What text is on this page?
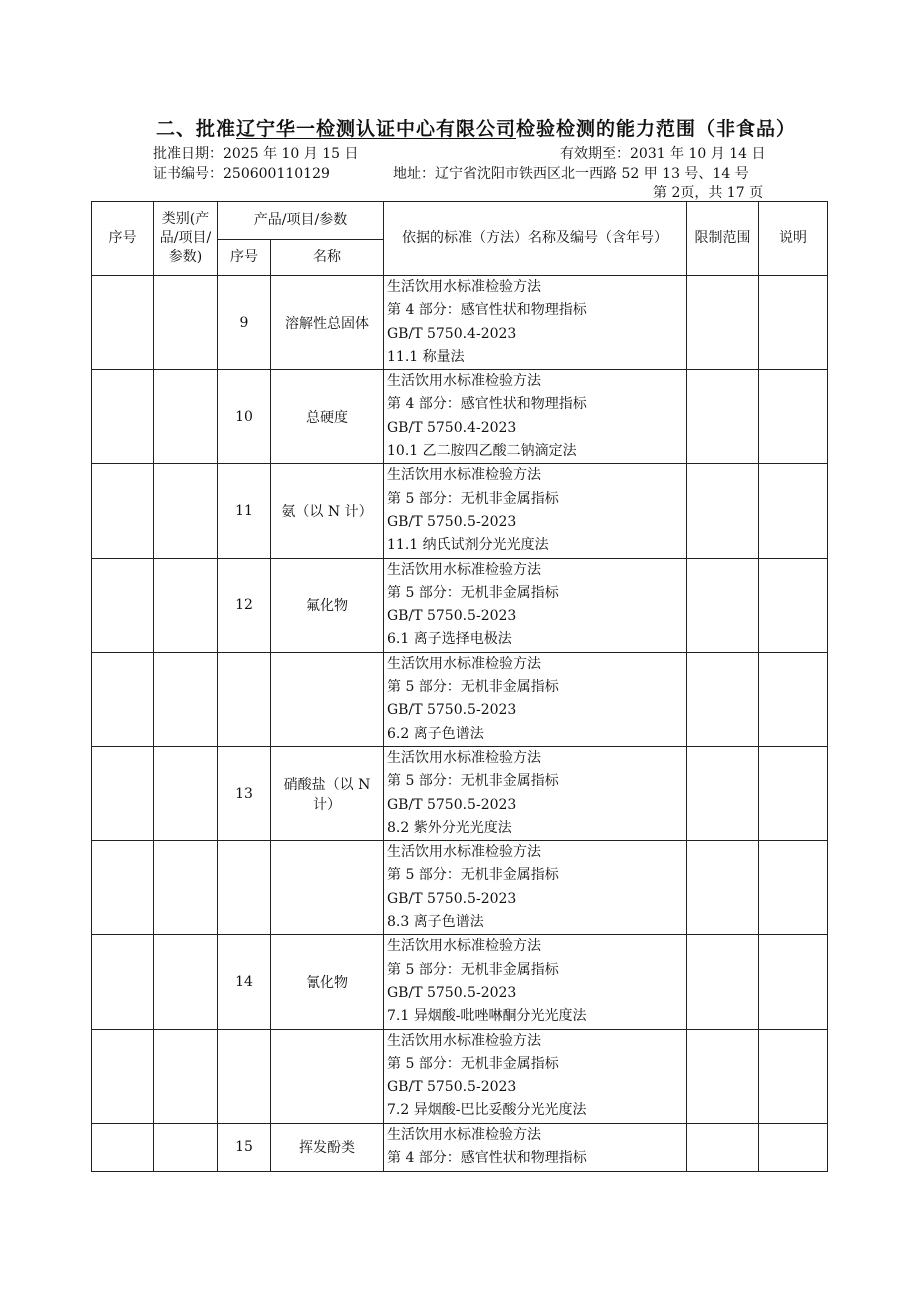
二、批准辽宁华一检测认证中心有限公司检验检测的能力范围（非食品）
批准日期：2025 年 10 月 15 日	有效期至：2031 年 10 月 14 日
证书编号：250600110129	地址：辽宁省沈阳市铁西区北一西路 52 甲 13 号、14 号
第 2页，共 17 页
序号	类别(产品/项目/参数)	产品/项目/参数		依据的标准（方法）名称及编号（含年号）	限制范围	说明
		序号	名称			
		9	溶解性总固体	生活饮用水标准检验方法
第 4 部分：感官性状和物理指标
GB/T 5750.4-2023
11.1 称量法		

		10	总硬度	生活饮用水标准检验方法
第 4 部分：感官性状和物理指标
GB/T 5750.4-2023
10.1 乙二胺四乙酸二钠滴定法		

		11	氨（以 N 计）	生活饮用水标准检验方法
第 5 部分：无机非金属指标
GB/T 5750.5-2023
11.1 纳氏试剂分光光度法		

		12	氟化物	生活饮用水标准检验方法
第 5 部分：无机非金属指标
GB/T 5750.5-2023
6.1 离子选择电极法		

				生活饮用水标准检验方法
第 5 部分：无机非金属指标
GB/T 5750.5-2023
6.2 离子色谱法		

		13	硝酸盐（以 N 计）	生活饮用水标准检验方法
第 5 部分：无机非金属指标
GB/T 5750.5-2023
8.2 紫外分光光度法		

				生活饮用水标准检验方法
第 5 部分：无机非金属指标
GB/T 5750.5-2023
8.3 离子色谱法		

		14	氰化物	生活饮用水标准检验方法
第 5 部分：无机非金属指标
GB/T 5750.5-2023
7.1 异烟酸-吡唑啉酮分光光度法		

				生活饮用水标准检验方法
第 5 部分：无机非金属指标
GB/T 5750.5-2023
7.2 异烟酸-巴比妥酸分光光度法		

		15	挥发酚类	生活饮用水标准检验方法
第 4 部分：感官性状和物理指标		
